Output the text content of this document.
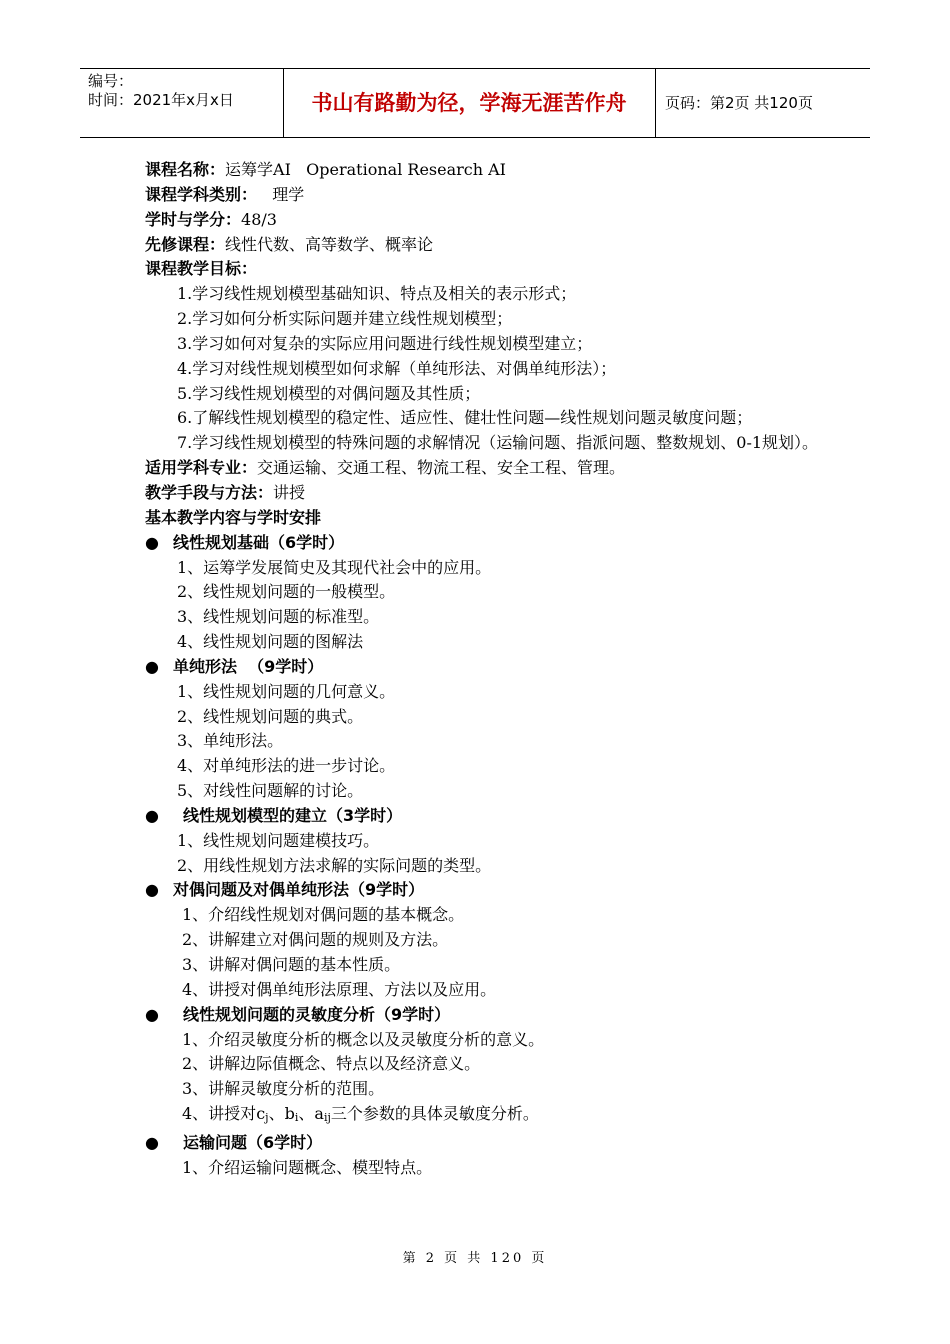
编号：
时间：2021年x月x日	书山有路勤为径，学海无涯苦作舟	页码：第2页 共120页
课程名称：运筹学AI   Operational Research AⅠ
课程学科类别：   理学
学时与学分：48/3
先修课程：线性代数、高等数学、概率论
课程教学目标：
1.学习线性规划模型基础知识、特点及相关的表示形式；
2.学习如何分析实际问题并建立线性规划模型；
3.学习如何对复杂的实际应用问题进行线性规划模型建立；
4.学习对线性规划模型如何求解（单纯形法、对偶单纯形法）；
5.学习线性规划模型的对偶问题及其性质；
6.了解线性规划模型的稳定性、适应性、健壮性问题—线性规划问题灵敏度问题；
7.学习线性规划模型的特殊问题的求解情况（运输问题、指派问题、整数规划、0-1规划）。
适用学科专业：交通运输、交通工程、物流工程、安全工程、管理。
教学手段与方法：讲授
基本教学内容与学时安排
● 线性规划基础（6学时）
1、运筹学发展简史及其现代社会中的应用。
2、线性规划问题的一般模型。
3、线性规划问题的标准型。
4、线性规划问题的图解法
● 单纯形法  （9学时）
1、线性规划问题的几何意义。
2、线性规划问题的典式。
3、单纯形法。
4、对单纯形法的进一步讨论。
5、对线性问题解的讨论。
● 线性规划模型的建立（3学时）
1、线性规划问题建模技巧。
2、用线性规划方法求解的实际问题的类型。
● 对偶问题及对偶单纯形法（9学时）
1、介绍线性规划对偶问题的基本概念。
2、讲解建立对偶问题的规则及方法。
3、讲解对偶问题的基本性质。
4、讲授对偶单纯形法原理、方法以及应用。
● 线性规划问题的灵敏度分析（9学时）
1、介绍灵敏度分析的概念以及灵敏度分析的意义。
2、讲解边际值概念、特点以及经济意义。
3、讲解灵敏度分析的范围。
4、讲授对cj、bi、aij三个参数的具体灵敏度分析。
● 运输问题（6学时）
1、介绍运输问题概念、模型特点。
第 2 页 共 120 页
